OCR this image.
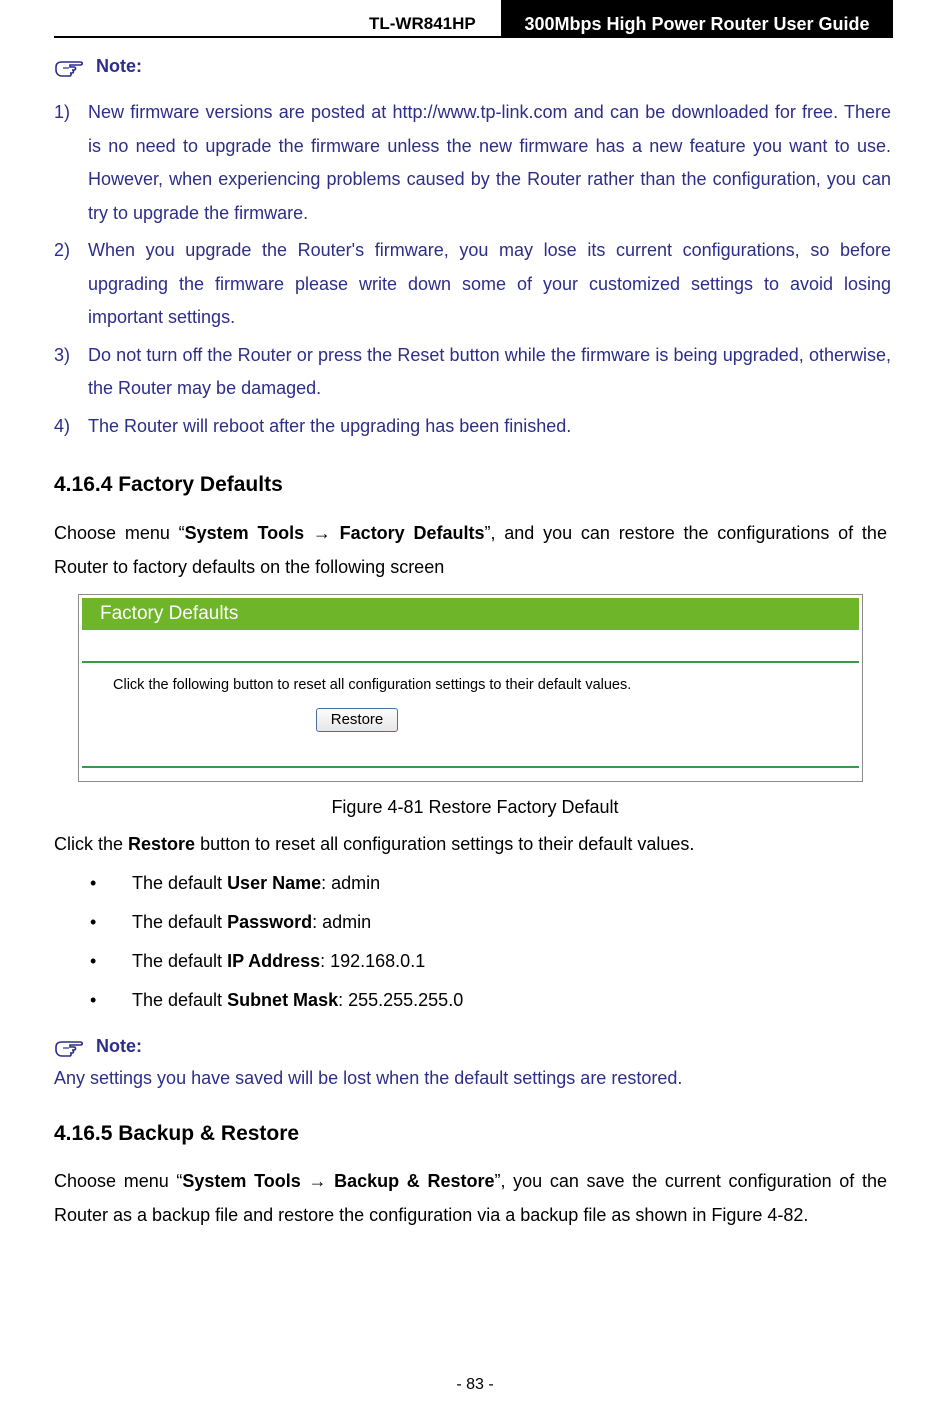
TL-WR841HP	300Mbps High Power Router User Guide
Note:
1) New firmware versions are posted at http://www.tp-link.com and can be downloaded for free. There is no need to upgrade the firmware unless the new firmware has a new feature you want to use. However, when experiencing problems caused by the Router rather than the configuration, you can try to upgrade the firmware.
2) When you upgrade the Router's firmware, you may lose its current configurations, so before upgrading the firmware please write down some of your customized settings to avoid losing important settings.
3) Do not turn off the Router or press the Reset button while the firmware is being upgraded, otherwise, the Router may be damaged.
4) The Router will reboot after the upgrading has been finished.
4.16.4 Factory Defaults
Choose menu “System Tools → Factory Defaults”, and you can restore the configurations of the Router to factory defaults on the following screen
Factory Defaults
Click the following button to reset all configuration settings to their default values.
Restore
Figure 4-81 Restore Factory Default
Click the Restore button to reset all configuration settings to their default values.
•	The default User Name: admin
•	The default Password: admin
•	The default IP Address: 192.168.0.1
•	The default Subnet Mask: 255.255.255.0
Note:
Any settings you have saved will be lost when the default settings are restored.
4.16.5 Backup & Restore
Choose menu “System Tools → Backup & Restore”, you can save the current configuration of the Router as a backup file and restore the configuration via a backup file as shown in Figure 4-82.
- 83 -
